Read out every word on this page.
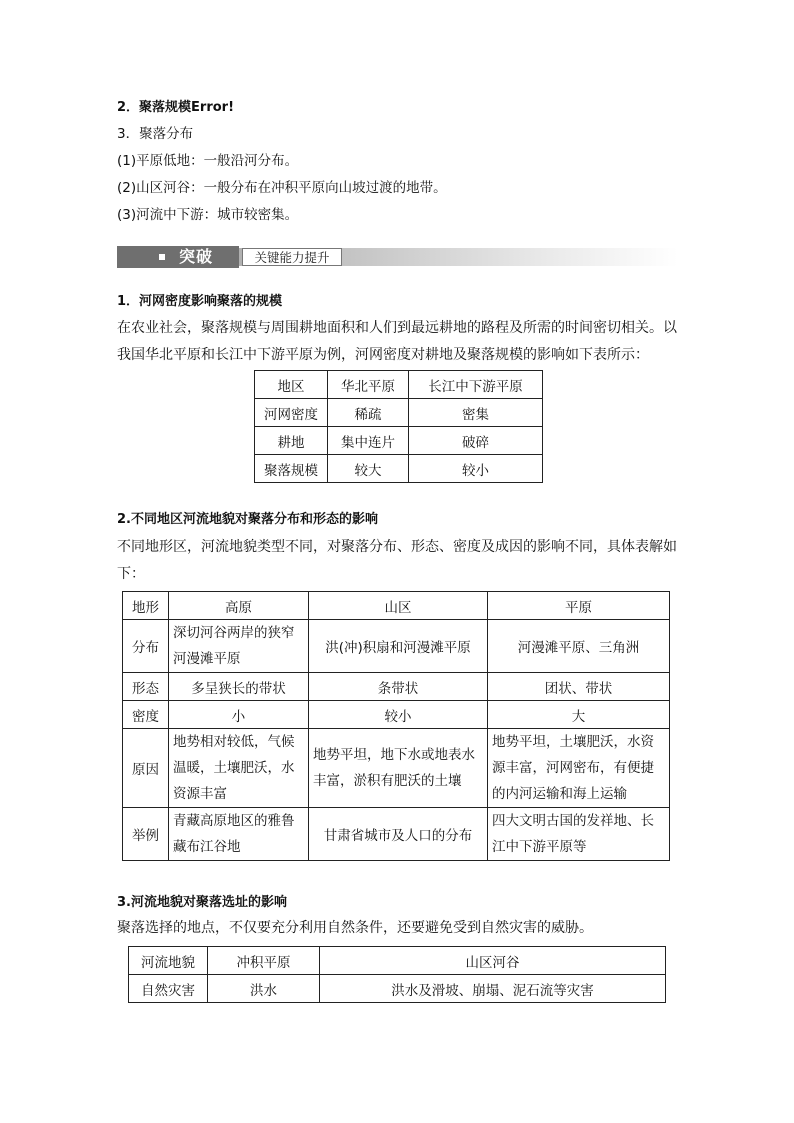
2．聚落规模Error!
3．聚落分布
(1)平原低地：一般沿河分布。
(2)山区河谷：一般分布在冲积平原向山坡过渡的地带。
(3)河流中下游：城市较密集。
突破	关键能力提升
1．河网密度影响聚落的规模
在农业社会，聚落规模与周围耕地面积和人们到最远耕地的路程及所需的时间密切相关。以我国华北平原和长江中下游平原为例，河网密度对耕地及聚落规模的影响如下表所示：
地区	华北平原	长江中下游平原
河网密度	稀疏	密集
耕地	集中连片	破碎
聚落规模	较大	较小
2.不同地区河流地貌对聚落分布和形态的影响
不同地形区，河流地貌类型不同，对聚落分布、形态、密度及成因的影响不同，具体表解如下：
地形	高原	山区	平原
分布	深切河谷两岸的狭窄河漫滩平原	洪(冲)积扇和河漫滩平原	河漫滩平原、三角洲
形态	多呈狭长的带状	条带状	团状、带状
密度	小	较小	大
原因	地势相对较低，气候温暖，土壤肥沃，水资源丰富	地势平坦，地下水或地表水丰富，淤积有肥沃的土壤	地势平坦，土壤肥沃，水资源丰富，河网密布，有便捷的内河运输和海上运输
举例	青藏高原地区的雅鲁藏布江谷地	甘肃省城市及人口的分布	四大文明古国的发祥地、长江中下游平原等
3.河流地貌对聚落选址的影响
聚落选择的地点，不仅要充分利用自然条件，还要避免受到自然灾害的威胁。
河流地貌	冲积平原	山区河谷
自然灾害	洪水	洪水及滑坡、崩塌、泥石流等灾害
